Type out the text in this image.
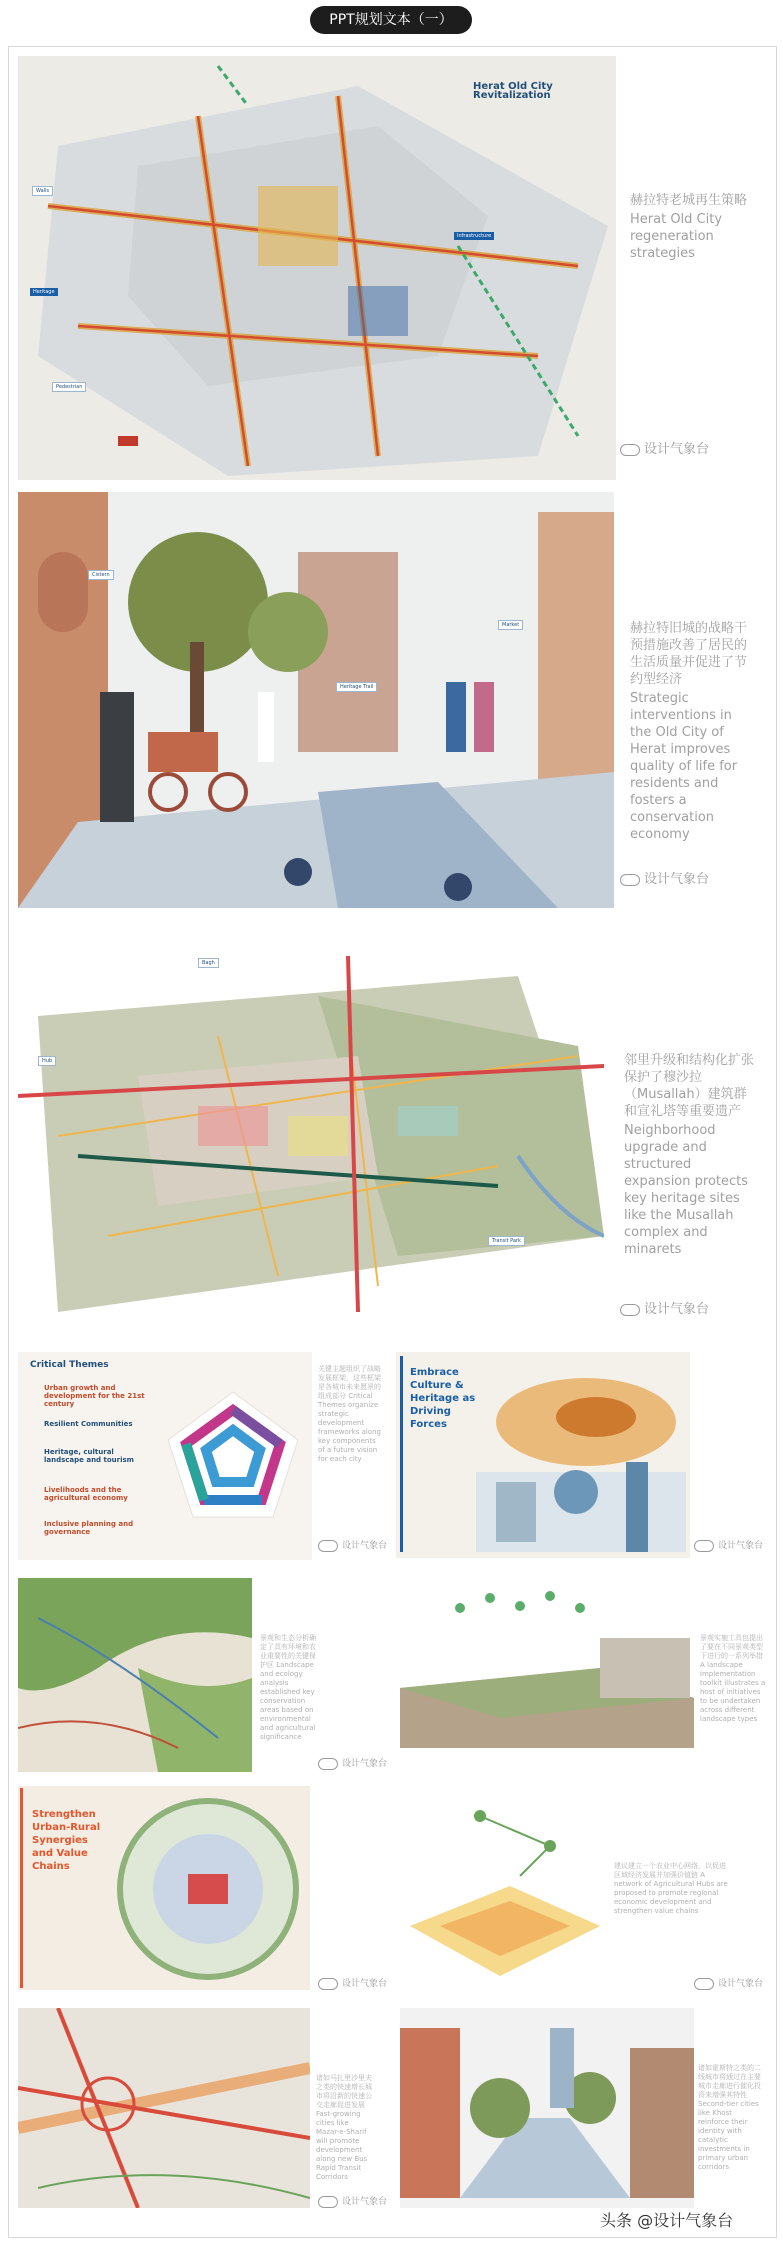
PPT规划文本（一）
Herat Old City Revitalization
Heritage
Infrastructure
Walls
Pedestrian
赫拉特老城再生策略
Herat Old City regeneration strategies
设计气象台
Cistern
Heritage Trail
Market	赫拉特旧城的战略干预措施改善了居民的生活质量并促进了节约型经济
Strategic interventions in the Old City of Herat improves quality of life for residents and fosters a conservation economy
设计气象台
Bagh
Hub
Transit Park
邻里升级和结构化扩张保护了穆沙拉（Musallah）建筑群和宣礼塔等重要遗产
Neighborhood upgrade and structured expansion protects key heritage sites like the Musallah complex and minarets
设计气象台
Critical Themes
Urban growth and development for the 21st century
Resilient Communities
Heritage, cultural landscape and tourism
Livelihoods and the agricultural economy
Inclusive planning and governance
关键主题组织了战略发展框架，这些框架是各城市未来愿景的组成部分 Critical Themes organize strategic development frameworks along key components of a future vision for each city
设计气象台
Embrace Culture & Heritage as Driving Forces
设计气象台
景观和生态分析确定了具有环境和农业重要性的关键保护区 Landscape and ecology analysis established key conservation areas based on environmental and agricultural significance
设计气象台
景观实施工具包提出了要在不同景观类型下进行的一系列举措 A landscape implementation toolkit illustrates a host of initiatives to be undertaken across different landscape types
Strengthen Urban-Rural Synergies and Value Chains
设计气象台
建议建立一个农业中心网络，以促进区域经济发展并加强价值链 A network of Agricultural Hubs are proposed to promote regional economic development and strengthen value chains
设计气象台
诸如马扎里沙里夫之类的快速增长城市将沿新的快速公交走廊促进发展 Fast-growing cities like Mazar-e-Sharif will promote development along new Bus Rapid Transit Corridors
设计气象台
诸如霍斯特之类的二线城市将通过在主要城市走廊进行催化投资来增强其特性 Second-tier cities like Khost reinforce their identity with catalytic investments in primary urban corridors
头条 @设计气象台
